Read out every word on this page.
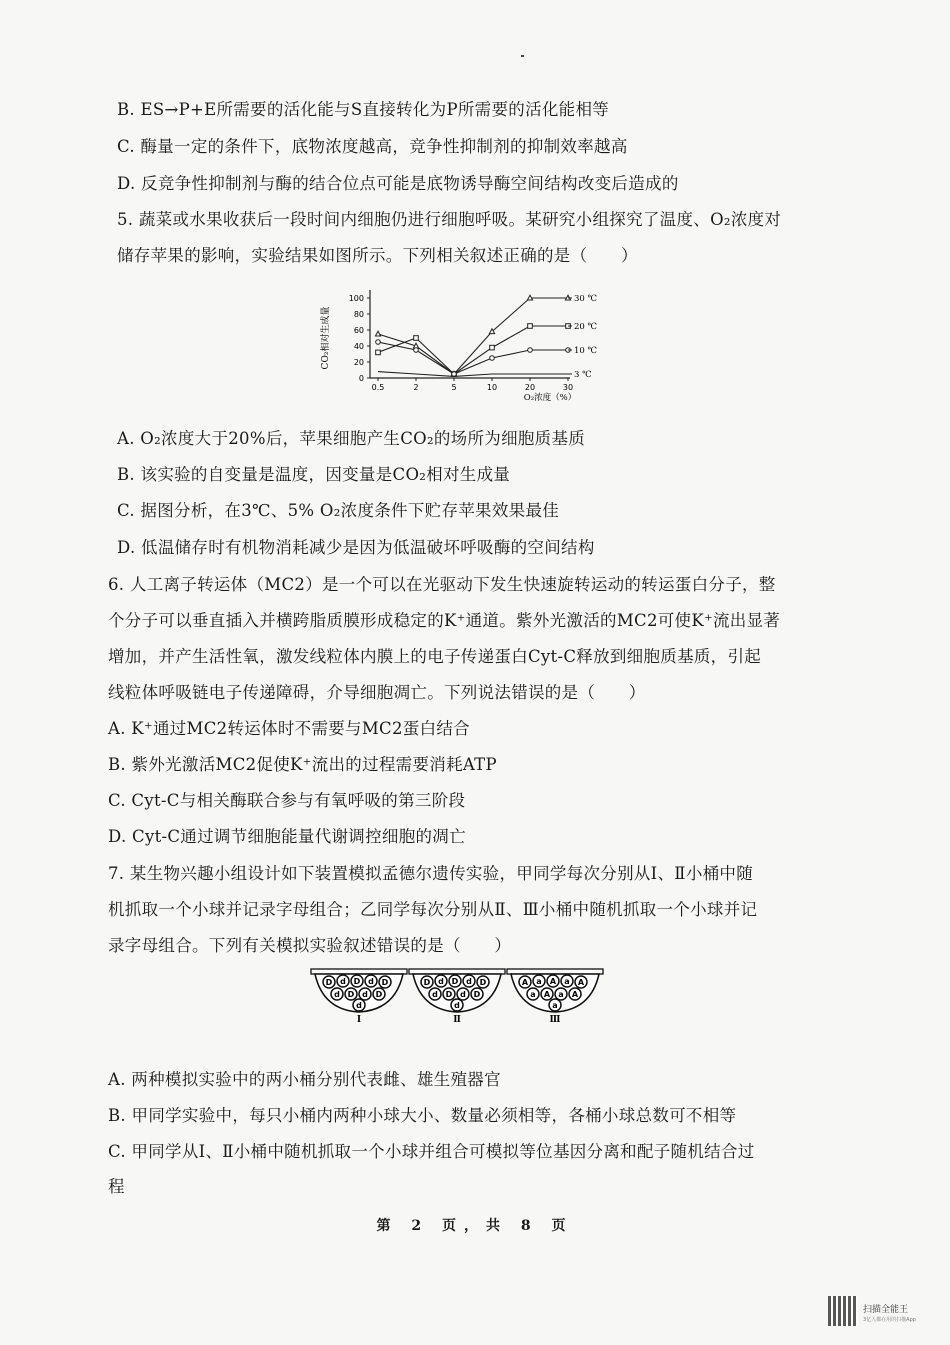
B. ES→P+E所需要的活化能与S直接转化为P所需要的活化能相等
C. 酶量一定的条件下，底物浓度越高，竞争性抑制剂的抑制效率越高
D. 反竞争性抑制剂与酶的结合位点可能是底物诱导酶空间结构改变后造成的
5. 蔬菜或水果收获后一段时间内细胞仍进行细胞呼吸。某研究小组探究了温度、O₂浓度对
储存苹果的影响，实验结果如图所示。下列相关叙述正确的是（　　）
CO₂相对生成量
0
20
40
60
80
100
0.5	2	5	10	20	30
O₂浓度（%）
30 ℃
20 ℃
10 ℃
3 ℃
A. O₂浓度大于20%后，苹果细胞产生CO₂的场所为细胞质基质
B. 该实验的自变量是温度，因变量是CO₂相对生成量
C. 据图分析，在3℃、5% O₂浓度条件下贮存苹果效果最佳
D. 低温储存时有机物消耗减少是因为低温破坏呼吸酶的空间结构
6. 人工离子转运体（MC2）是一个可以在光驱动下发生快速旋转运动的转运蛋白分子，整
个分子可以垂直插入并横跨脂质膜形成稳定的K⁺通道。紫外光激活的MC2可使K⁺流出显著
增加，并产生活性氧，激发线粒体内膜上的电子传递蛋白Cyt-C释放到细胞质基质，引起
线粒体呼吸链电子传递障碍，介导细胞凋亡。下列说法错误的是（　　）
A. K⁺通过MC2转运体时不需要与MC2蛋白结合
B. 紫外光激活MC2促使K⁺流出的过程需要消耗ATP
C. Cyt-C与相关酶联合参与有氧呼吸的第三阶段
D. Cyt-C通过调节细胞能量代谢调控细胞的凋亡
7. 某生物兴趣小组设计如下装置模拟孟德尔遗传实验，甲同学每次分别从Ⅰ、Ⅱ小桶中随
机抓取一个小球并记录字母组合；乙同学每次分别从Ⅱ、Ⅲ小桶中随机抓取一个小球并记
录字母组合。下列有关模拟实验叙述错误的是（　　）
D d D d D
d D d D
d
Ⅰ
D d D d D
d D d D
d
Ⅱ
A a A a A
a A a A
a
Ⅲ
A. 两种模拟实验中的两小桶分别代表雌、雄生殖器官
B. 甲同学实验中，每只小桶内两种小球大小、数量必须相等，各桶小球总数可不相等
C. 甲同学从Ⅰ、Ⅱ小桶中随机抓取一个小球并组合可模拟等位基因分离和配子随机结合过
程
第 2 页，共 8 页
扫描全能王
3亿人都在用的扫描App
